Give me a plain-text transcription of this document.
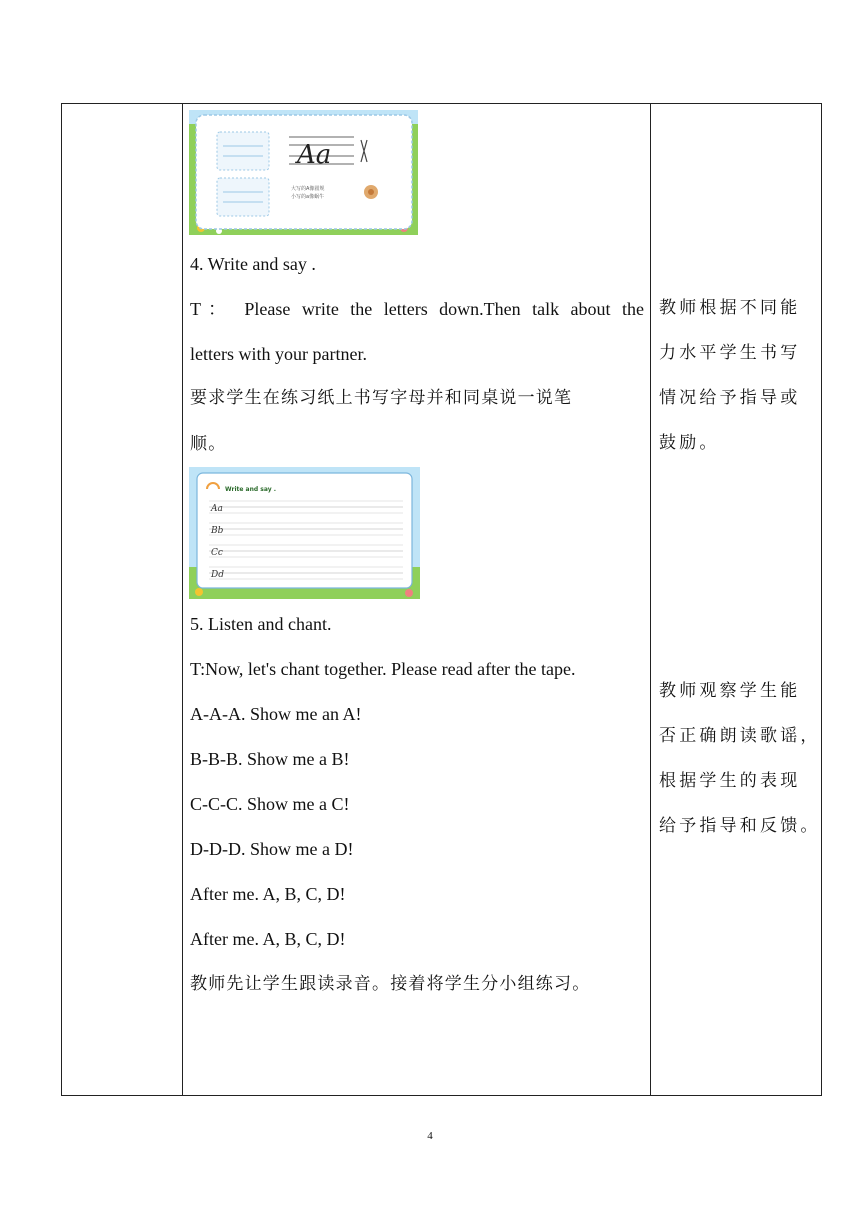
Aa
大写的A像圆规
小写的a像蜗牛
Write and say .
Aa
Bb
Cc
Dd
4. Write and say .
T： Please write the letters down.Then talk about the
letters with your partner.
要求学生在练习纸上书写字母并和同桌说一说笔
顺。
5. Listen and chant.
T:Now, let's chant together. Please read after the tape.
A-A-A. Show me an A!
B-B-B. Show me a B!
C-C-C. Show me a C!
D-D-D. Show me a D!
After me. A, B, C, D!
After me. A, B, C, D!
教师先让学生跟读录音。接着将学生分小组练习。
教师根据不同能
力水平学生书写
情况给予指导或
鼓励。
教师观察学生能
否正确朗读歌谣，
根据学生的表现
给予指导和反馈。
4
